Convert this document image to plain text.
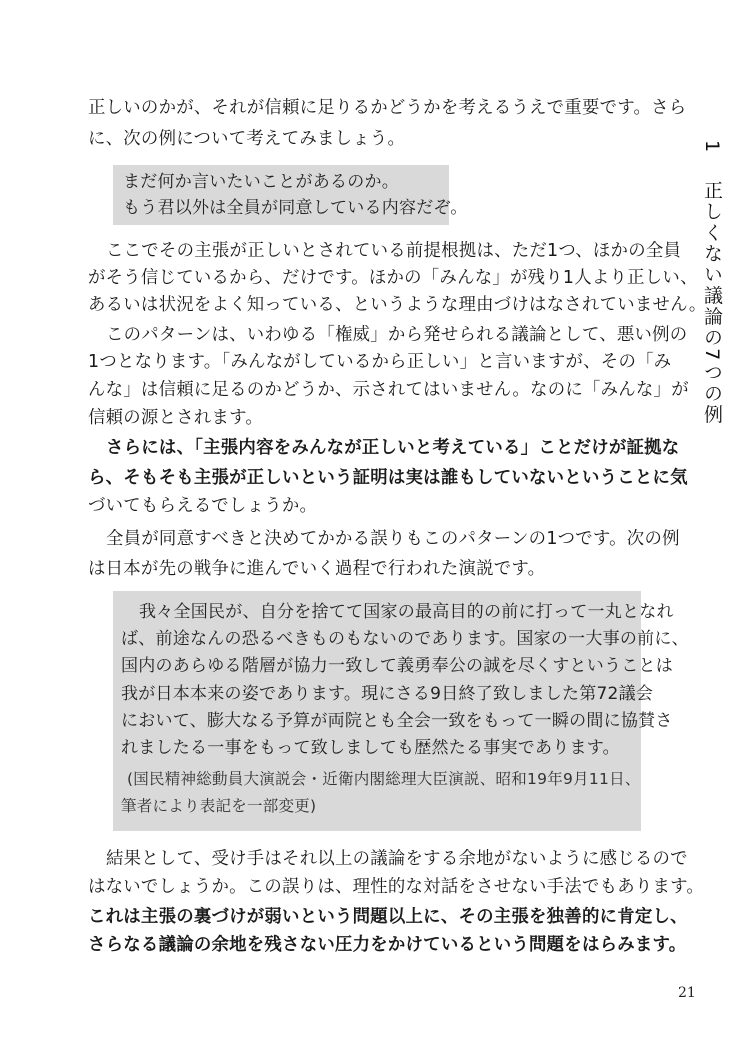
1 正しくない議論の7つの例
正しいのかが、それが信頼に足りるかどうかを考えるうえで重要です。さら
に、次の例について考えてみましょう。
まだ何か言いたいことがあるのか。
もう君以外は全員が同意している内容だぞ。
ここでその主張が正しいとされている前提根拠は、ただ1つ、ほかの全員
がそう信じているから、だけです。ほかの「みんな」が残り1人より正しい、
あるいは状況をよく知っている、というような理由づけはなされていません。
このパターンは、いわゆる「権威」から発せられる議論として、悪い例の
1つとなります。「みんながしているから正しい」と言いますが、その「み
んな」は信頼に足るのかどうか、示されてはいません。なのに「みんな」が
信頼の源とされます。
さらには、「主張内容をみんなが正しいと考えている」ことだけが証拠な
ら、そもそも主張が正しいという証明は実は誰もしていないということに気
づいてもらえるでしょうか。
全員が同意すべきと決めてかかる誤りもこのパターンの1つです。次の例
は日本が先の戦争に進んでいく過程で行われた演説です。
我々全国民が、自分を捨てて国家の最高目的の前に打って一丸となれ
ば、前途なんの恐るべきものもないのであります。国家の一大事の前に、
国内のあらゆる階層が協力一致して義勇奉公の誠を尽くすということは
我が日本本来の姿であります。現にさる9日終了致しました第72議会
において、膨大なる予算が両院とも全会一致をもって一瞬の間に協賛さ
れましたる一事をもって致しましても歴然たる事実であります。
(国民精神総動員大演説会・近衛内閣総理大臣演説、昭和19年9月11日、
筆者により表記を一部変更)
結果として、受け手はそれ以上の議論をする余地がないように感じるので
はないでしょうか。この誤りは、理性的な対話をさせない手法でもあります。
これは主張の裏づけが弱いという問題以上に、その主張を独善的に肯定し、
さらなる議論の余地を残さない圧力をかけているという問題をはらみます。
21
